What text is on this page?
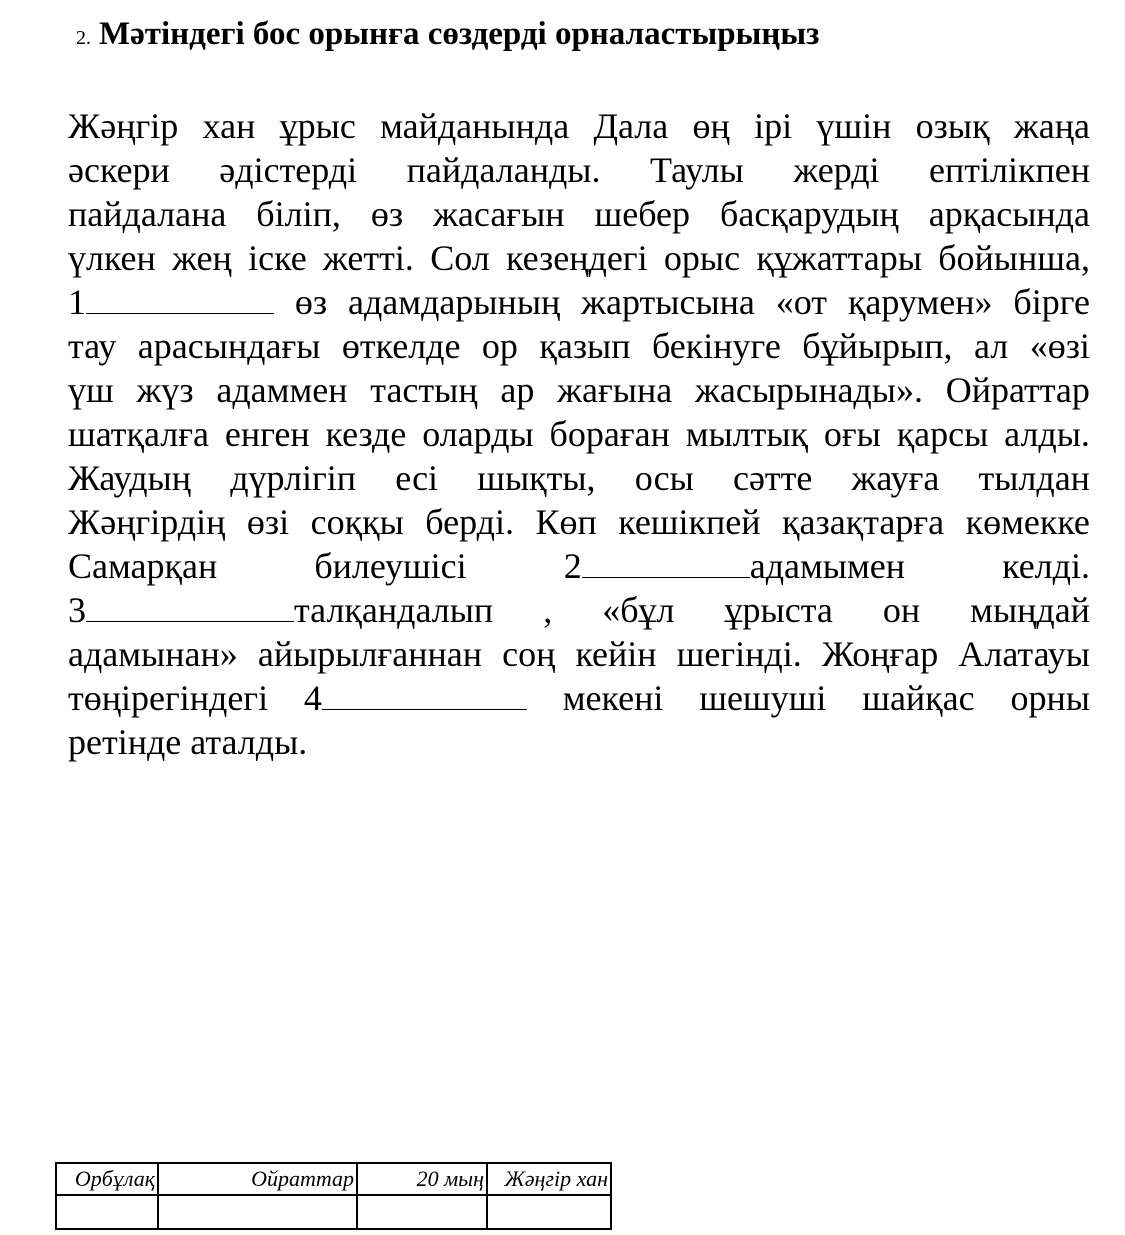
2. Мәтіндегі бос орынға сөздерді орналастырыңыз
Жәңгір хан ұрыс майданында Дала өң ірі үшін озық жаңа
әскери әдістерді пайдаланды. Таулы жерді ептілікпен
пайдалана біліп, өз жасағын шебер басқарудың арқасында
үлкен жең іске жетті. Сол кезеңдегі орыс құжаттары бойынша,
1	өз адамдарының жартысына «от қарумен» бірге
тау арасындағы өткелде ор қазып бекінуге бұйырып, ал «өзі
үш жүз адаммен тастың ар жағына жасырынады». Ойраттар
шатқалға енген кезде оларды бораған мылтық оғы қарсы алды.
Жаудың дүрлігіп есі шықты, осы сәтте жауға тылдан
Жәңгірдің өзі соққы берді. Көп кешікпей қазақтарға көмекке
Самарқан	билеушісі	2	адамымен	келді.
3	талқандалып , «бұл ұрыста он мыңдай
адамынан» айырылғаннан соң кейін шегінді. Жоңғар Алатауы
төңірегіндегі 4	мекені шешуші шайқас орны
ретінде аталды.
Орбұлақ	Ойраттар	20 мың	Жәңгір хан
